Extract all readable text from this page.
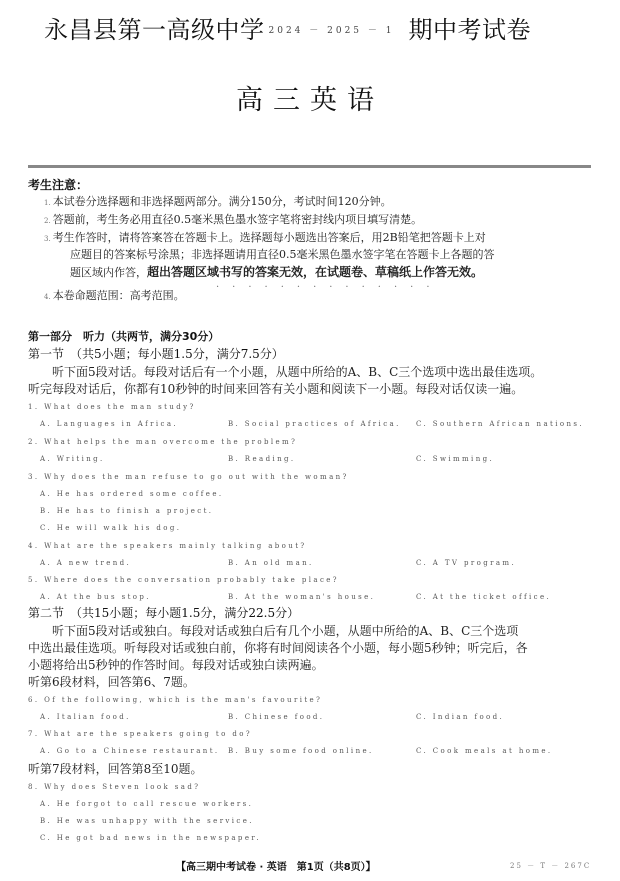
永昌县第一高级中学 $^{2024 - 2025 - 1}$ 期中考试卷
高三英语
考生注意：
1. 本试卷分选择题和非选择题两部分。满分150分，考试时间120分钟。
2. 答题前，考生务必用直径0.5毫米黑色墨水签字笔将密封线内项目填写清楚。
3. 考生作答时，请将答案答在答题卡上。选择题每小题选出答案后，用2B铅笔把答题卡上对
应题目的答案标号涂黑；非选择题请用直径0.5毫米黑色墨水签字笔在答题卡上各题的答
题区域内作答，超出答题区域书写的答案无效，在试题卷、草稿纸上作答无效。
4. 本卷命题范围：高考范围。
··············
第一部分　听力（共两节，满分30分）
第一节　（共5小题；每小题1.5分，满分7.5分）
　　听下面5段对话。每段对话后有一个小题，从题中所给的A、B、C三个选项中选出最佳选项。
听完每段对话后，你都有10秒钟的时间来回答有关小题和阅读下一小题。每段对话仅读一遍。
1. What does the man study?
A. Languages in Africa.	B. Social practices of Africa. C. Southern African nations.
2. What helps the man overcome the problem?
A. Writing.	B. Reading.	C. Swimming.
3. Why does the man refuse to go out with the woman?
A. He has ordered some coffee.
B. He has to finish a project.
C. He will walk his dog.
4. What are the speakers mainly talking about?
A. A new trend.	B. An old man.	C. A TV program.
5. Where does the conversation probably take place?
A. At the bus stop.	B. At the woman's house.	C. At the ticket office.
第二节　（共15小题；每小题1.5分，满分22.5分）
　　听下面5段对话或独白。每段对话或独白后有几个小题，从题中所给的A、B、C三个选项
中选出最佳选项。听每段对话或独白前，你将有时间阅读各个小题，每小题5秒钟；听完后，各
小题将给出5秒钟的作答时间。每段对话或独白读两遍。
听第6段材料，回答第6、7题。
6. Of the following, which is the man's favourite?
A. Italian food.	B. Chinese food.	C. Indian food.
7. What are the speakers going to do?
A. Go to a Chinese restaurant. B. Buy some food online.	C. Cook meals at home.
听第7段材料，回答第8至10题。
8. Why does Steven look sad?
A. He forgot to call rescue workers.
B. He was unhappy with the service.
C. He got bad news in the newspaper.
【高三期中考试卷 · 英语　第1页（共8页）】	25 － T － 267C
